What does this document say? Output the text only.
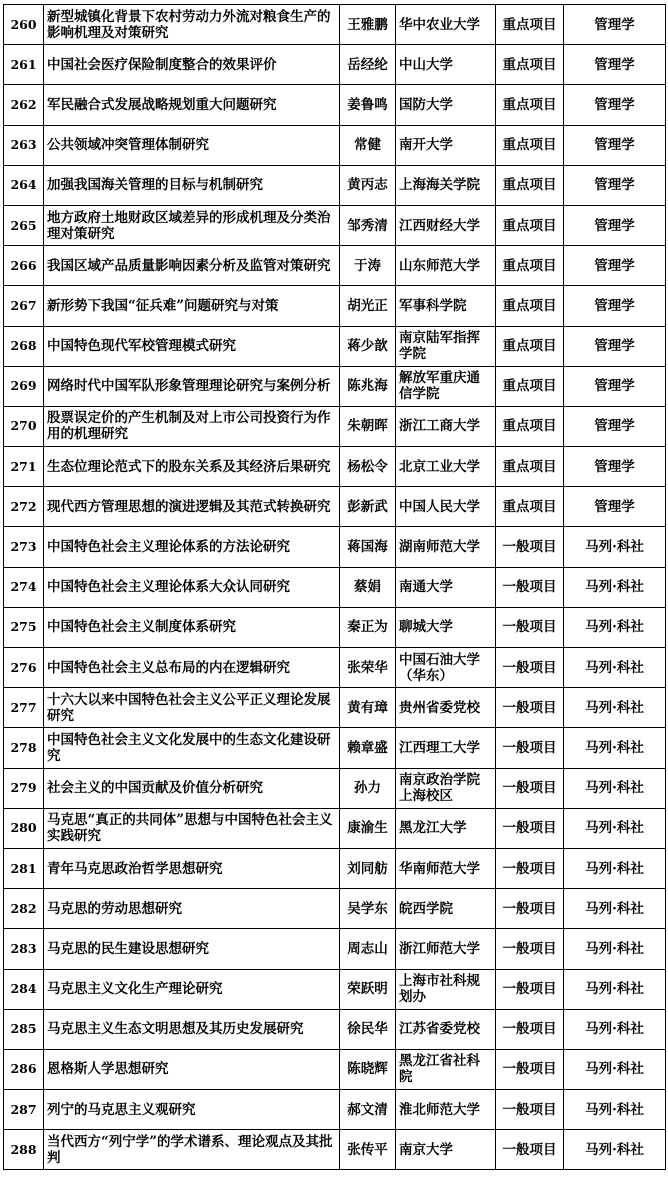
260	新型城镇化背景下农村劳动力外流对粮食生产的影响机理及对策研究	王雅鹏	华中农业大学	重点项目	管理学
261	中国社会医疗保险制度整合的效果评价	岳经纶	中山大学	重点项目	管理学
262	军民融合式发展战略规划重大问题研究	姜鲁鸣	国防大学	重点项目	管理学
263	公共领域冲突管理体制研究	常健	南开大学	重点项目	管理学
264	加强我国海关管理的目标与机制研究	黄丙志	上海海关学院	重点项目	管理学
265	地方政府土地财政区域差异的形成机理及分类治理对策研究	邹秀清	江西财经大学	重点项目	管理学
266	我国区域产品质量影响因素分析及监管对策研究	于涛	山东师范大学	重点项目	管理学
267	新形势下我国“征兵难”问题研究与对策	胡光正	军事科学院	重点项目	管理学
268	中国特色现代军校管理模式研究	蒋少歆	南京陆军指挥学院	重点项目	管理学
269	网络时代中国军队形象管理理论研究与案例分析	陈兆海	解放军重庆通信学院	重点项目	管理学
270	股票误定价的产生机制及对上市公司投资行为作用的机理研究	朱朝晖	浙江工商大学	重点项目	管理学
271	生态位理论范式下的股东关系及其经济后果研究	杨松令	北京工业大学	重点项目	管理学
272	现代西方管理思想的演进逻辑及其范式转换研究	彭新武	中国人民大学	重点项目	管理学
273	中国特色社会主义理论体系的方法论研究	蒋国海	湖南师范大学	一般项目	马列·科社
274	中国特色社会主义理论体系大众认同研究	蔡娟	南通大学	一般项目	马列·科社
275	中国特色社会主义制度体系研究	秦正为	聊城大学	一般项目	马列·科社
276	中国特色社会主义总布局的内在逻辑研究	张荣华	中国石油大学（华东）	一般项目	马列·科社
277	十六大以来中国特色社会主义公平正义理论发展研究	黄有璋	贵州省委党校	一般项目	马列·科社
278	中国特色社会主义文化发展中的生态文化建设研究	赖章盛	江西理工大学	一般项目	马列·科社
279	社会主义的中国贡献及价值分析研究	孙力	南京政治学院上海校区	一般项目	马列·科社
280	马克思“真正的共同体”思想与中国特色社会主义实践研究	康渝生	黑龙江大学	一般项目	马列·科社
281	青年马克思政治哲学思想研究	刘同舫	华南师范大学	一般项目	马列·科社
282	马克思的劳动思想研究	吴学东	皖西学院	一般项目	马列·科社
283	马克思的民生建设思想研究	周志山	浙江师范大学	一般项目	马列·科社
284	马克思主义文化生产理论研究	荣跃明	上海市社科规划办	一般项目	马列·科社
285	马克思主义生态文明思想及其历史发展研究	徐民华	江苏省委党校	一般项目	马列·科社
286	恩格斯人学思想研究	陈晓辉	黑龙江省社科院	一般项目	马列·科社
287	列宁的马克思主义观研究	郝文清	淮北师范大学	一般项目	马列·科社
288	当代西方“列宁学”的学术谱系、理论观点及其批判	张传平	南京大学	一般项目	马列·科社
